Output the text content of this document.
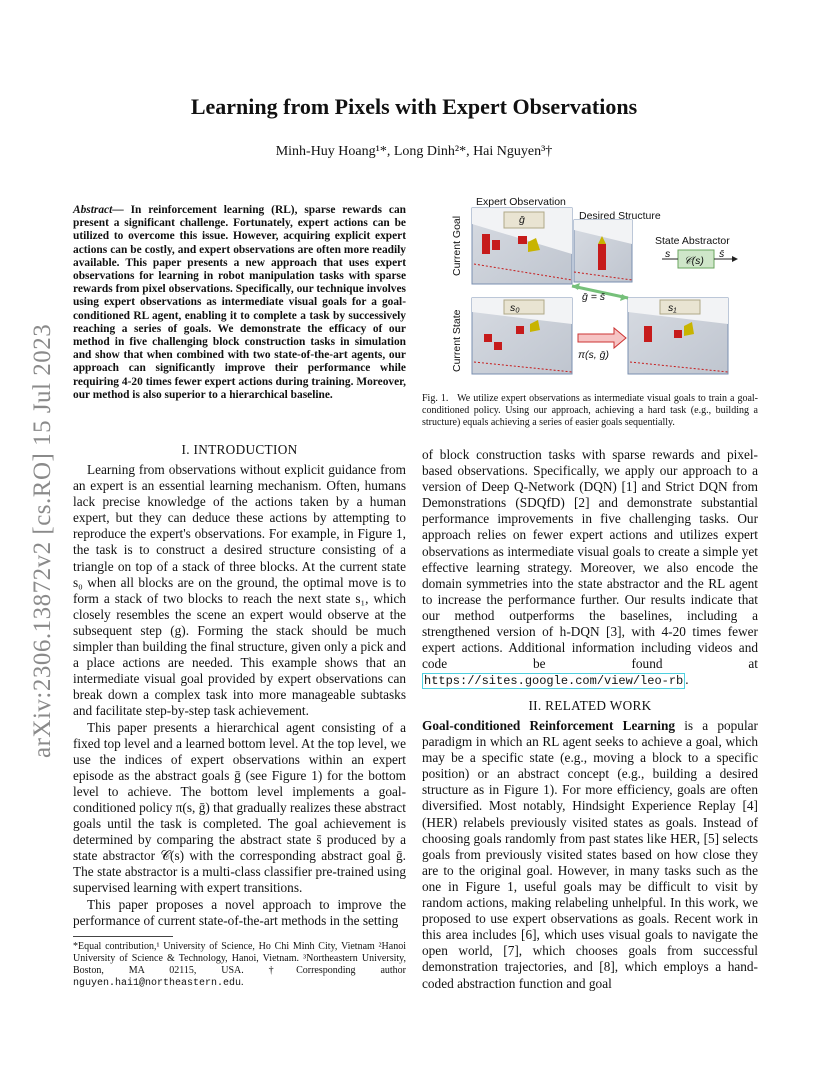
arXiv:2306.13872v2 [cs.RO] 15 Jul 2023
Learning from Pixels with Expert Observations
Minh-Huy Hoang¹*, Long Dinh²*, Hai Nguyen³†
Abstract— In reinforcement learning (RL), sparse rewards can present a significant challenge. Fortunately, expert actions can be utilized to overcome this issue. However, acquiring explicit expert actions can be costly, and expert observations are often more readily available. This paper presents a new approach that uses expert observations for learning in robot manipulation tasks with sparse rewards from pixel observations. Specifically, our technique involves using expert observations as intermediate visual goals for a goal-conditioned RL agent, enabling it to complete a task by successively reaching a series of goals. We demonstrate the efficacy of our method in five challenging block construction tasks in simulation and show that when combined with two state-of-the-art agents, our approach can significantly improve their performance while requiring 4-20 times fewer expert actions during training. Moreover, our method is also superior to a hierarchical baseline.
Expert Observation
ḡ	Desired Structure
State Abstractor
s
𝒞(s)
s̄
s₀	s₁
ḡ = s̄
π(s, ḡ)
Current Goal
Current State
Fig. 1. We utilize expert observations as intermediate visual goals to train a goal-conditioned policy. Using our approach, achieving a hard task (e.g., building a structure) equals achieving a series of easier goals sequentially.
I. INTRODUCTION

Learning from observations without explicit guidance from an expert is an essential learning mechanism. Often, humans lack precise knowledge of the actions taken by a human expert, but they can deduce these actions by attempting to reproduce the expert's observations. For example, in Figure 1, the task is to construct a desired structure consisting of a triangle on top of a stack of three blocks. At the current state s₀ when all blocks are on the ground, the optimal move is to form a stack of two blocks to reach the next state s₁, which closely resembles the scene an expert would observe at the subsequent step (g). Forming the stack should be much simpler than building the final structure, given only a pick and a place actions are needed. This example shows that an intermediate visual goal provided by expert observations can break down a complex task into more manageable subtasks and facilitate step-by-step task achievement.

This paper presents a hierarchical agent consisting of a fixed top level and a learned bottom level. At the top level, we use the indices of expert observations within an expert episode as the abstract goals ḡ (see Figure 1) for the bottom level to achieve. The bottom level implements a goal-conditioned policy π(s, ḡ) that gradually realizes these abstract goals until the task is completed. The goal achievement is determined by comparing the abstract state s̄ produced by a state abstractor 𝒞(s) with the corresponding abstract goal ḡ. The state abstractor is a multi-class classifier pre-trained using supervised learning with expert transitions.

This paper proposes a novel approach to improve the performance of current state-of-the-art methods in the setting

*Equal contribution,¹ University of Science, Ho Chi Minh City, Vietnam ²Hanoi University of Science & Technology, Hanoi, Vietnam. ³Northeastern University, Boston, MA 02115, USA. †Corresponding author nguyen.hai1@northeastern.edu.

of block construction tasks with sparse rewards and pixel-based observations. Specifically, we apply our approach to a version of Deep Q-Network (DQN) [1] and Strict DQN from Demonstrations (SDQfD) [2] and demonstrate substantial performance improvements in five challenging tasks. Our approach relies on fewer expert actions and utilizes expert observations as intermediate visual goals to create a simple yet effective learning strategy. Moreover, we also encode the domain symmetries into the state abstractor and the RL agent to increase the performance further. Our results indicate that our method outperforms the baselines, including a strengthened version of h-DQN [3], with 4-20 times fewer expert actions. Additional information including videos and code be found at https://sites.google.com/view/leo-rb .

II. RELATED WORK

Goal-conditioned Reinforcement Learning is a popular paradigm in which an RL agent seeks to achieve a goal, which may be a specific state (e.g., moving a block to a specific position) or an abstract concept (e.g., building a desired structure as in Figure 1). For more efficiency, goals are often diversified. Most notably, Hindsight Experience Replay [4] (HER) relabels previously visited states as goals. Instead of choosing goals randomly from past states like HER, [5] selects goals from previously visited states based on how close they are to the original goal. However, in many tasks such as the one in Figure 1, useful goals may be difficult to visit by random actions, making relabeling unhelpful. In this work, we proposed to use expert observations as goals. Recent work in this area includes [6], which uses visual goals to navigate the open world, [7], which chooses goals from successful demonstration trajectories, and [8], which employs a hand-coded abstraction function and goal
